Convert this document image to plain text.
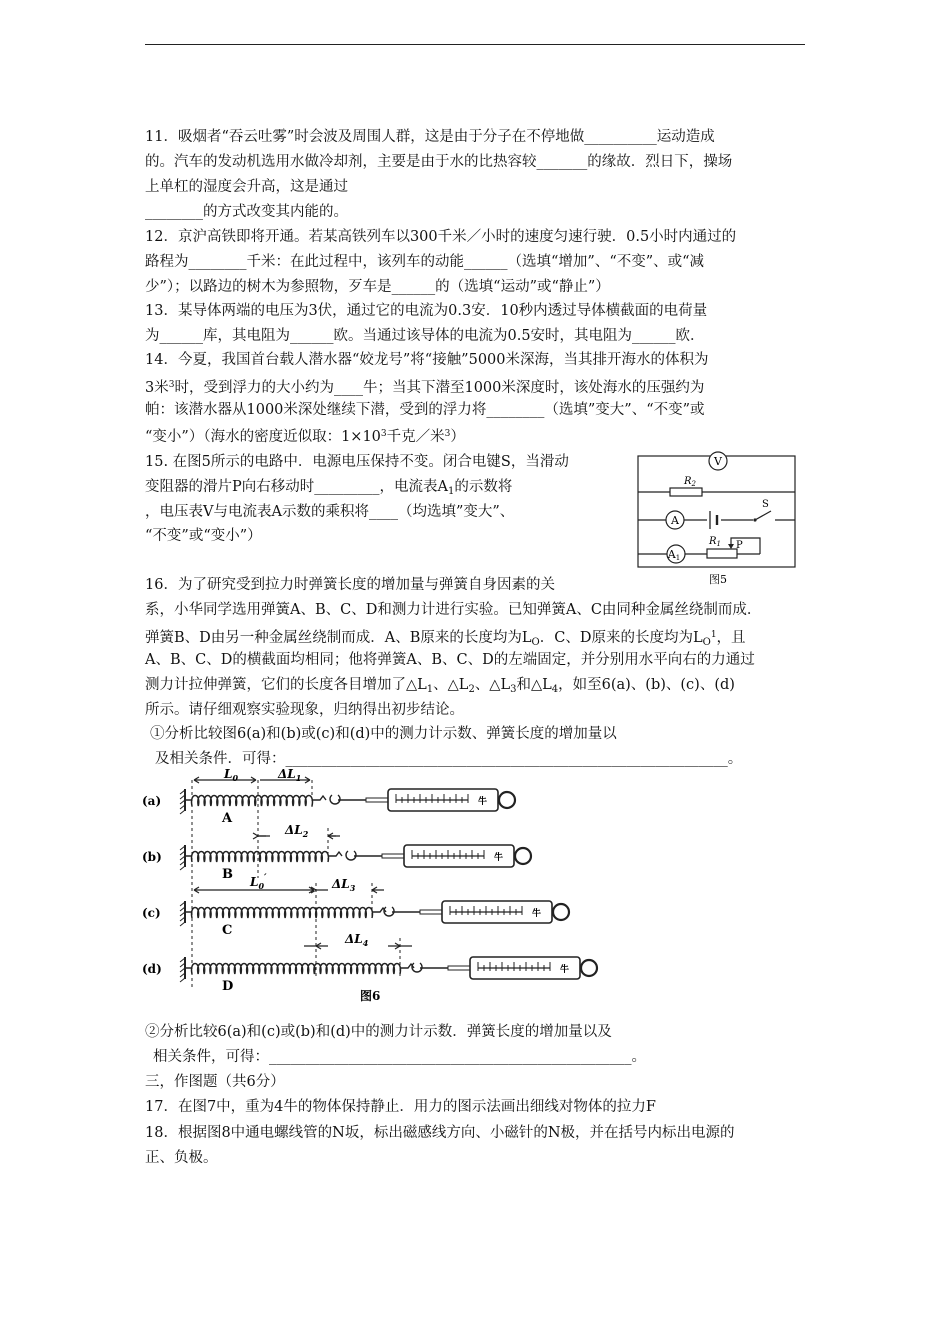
11．吸烟者“吞云吐雾”时会波及周围人群，这是由于分子在不停地做__________运动造成
的。汽车的发动机选用水做冷却剂，主要是由于水的比热容较_______的缘故．烈日下，操场
上单杠的湿度会升高，这是通过
________的方式改变其内能的。
12．京沪高铁即将开通。若某高铁列车以300千米／小时的速度匀速行驶．0.5小时内通过的
路程为________千米：在此过程中，该列车的动能______（选填“增加”、“不变”、或“减
少”）；以路边的树木为参照物，歹车是______的（选填“运动”或“静止”）
13．某导体两端的电压为3伏，通过它的电流为0.3安．10秒内透过导体横截面的电荷量
为______库，其电阻为______欧。当通过该导体的电流为0.5安时，其电阻为______欧．
14．今夏，我国首台载人潜水器“姣龙号”将“接触”5000米深海，当其排开海水的体积为
3米$^3$时，受到浮力的大小约为____牛；当其下潜至1000米深度时，该处海水的压强约为
帕：该潜水器从1000米深处继续下潜，受到的浮力将________（选填”变大”、“不变”或
“变小”）（海水的密度近似取：$1\times 10^3$千克／米$^3$）
15. 在图5所示的电路中．电源电压保持不变。闭合电键S，当滑动
变阻器的滑片P向右移动时_________，电流表$A_1$的示数将
，电压表V与电流表A示数的乘积将____（均选填”变大”、
“不变”或“变小”）
V
$R_2$
A
S
A1
$R_1$ P
图5
16．为了研究受到拉力时弹簧长度的增加量与弹簧自身因素的关
系，小华同学选用弹簧A、B、C、D和测力计进行实验。已知弹簧A、C由同种金属丝绕制而成．
弹簧B、D由另一种金属丝绕制而成．A、B原来的长度均为$L_O$．C、D原来的长度均为$L_O^1$，且
A、B、C、D的横截面均相同；他将弹簧A、B、C、D的左端固定，并分别用水平向右的力通过
测力计拉伸弹簧，它们的长度各目增加了$\triangle L_1$、$\triangle L_2$、$\triangle L_3$和$\triangle L_4$，如至6(a)、(b)、(c)、(d)
所示。请仔细观察实验现象，归纳得出初步结论。
①分析比较图6(a)和(b)或(c)和(d)中的测力计示数、弹簧长度的增加量以
及相关条件．可得：_____________________________________________________________。
(a)	牛
A
(b)	牛
B
(c)	牛
C
(d)	牛
D
$L_0$	$\Delta L_1$
$\Delta L_2$
$L_0'$	$\Delta L_3$
$\Delta L_4$
图6
②分析比较6(a)和(c)或(b)和(d)中的测力计示数．弹簧长度的增加量以及
相关条件，可得：__________________________________________________。
三，作图题（共6分）
17．在图7中，重为4牛的物体保持静止．用力的图示法画出细线对物体的拉力F
18．根据图8中通电螺线管的N坂，标出磁感线方向、小磁针的N极，并在括号内标出电源的
正、负极。
